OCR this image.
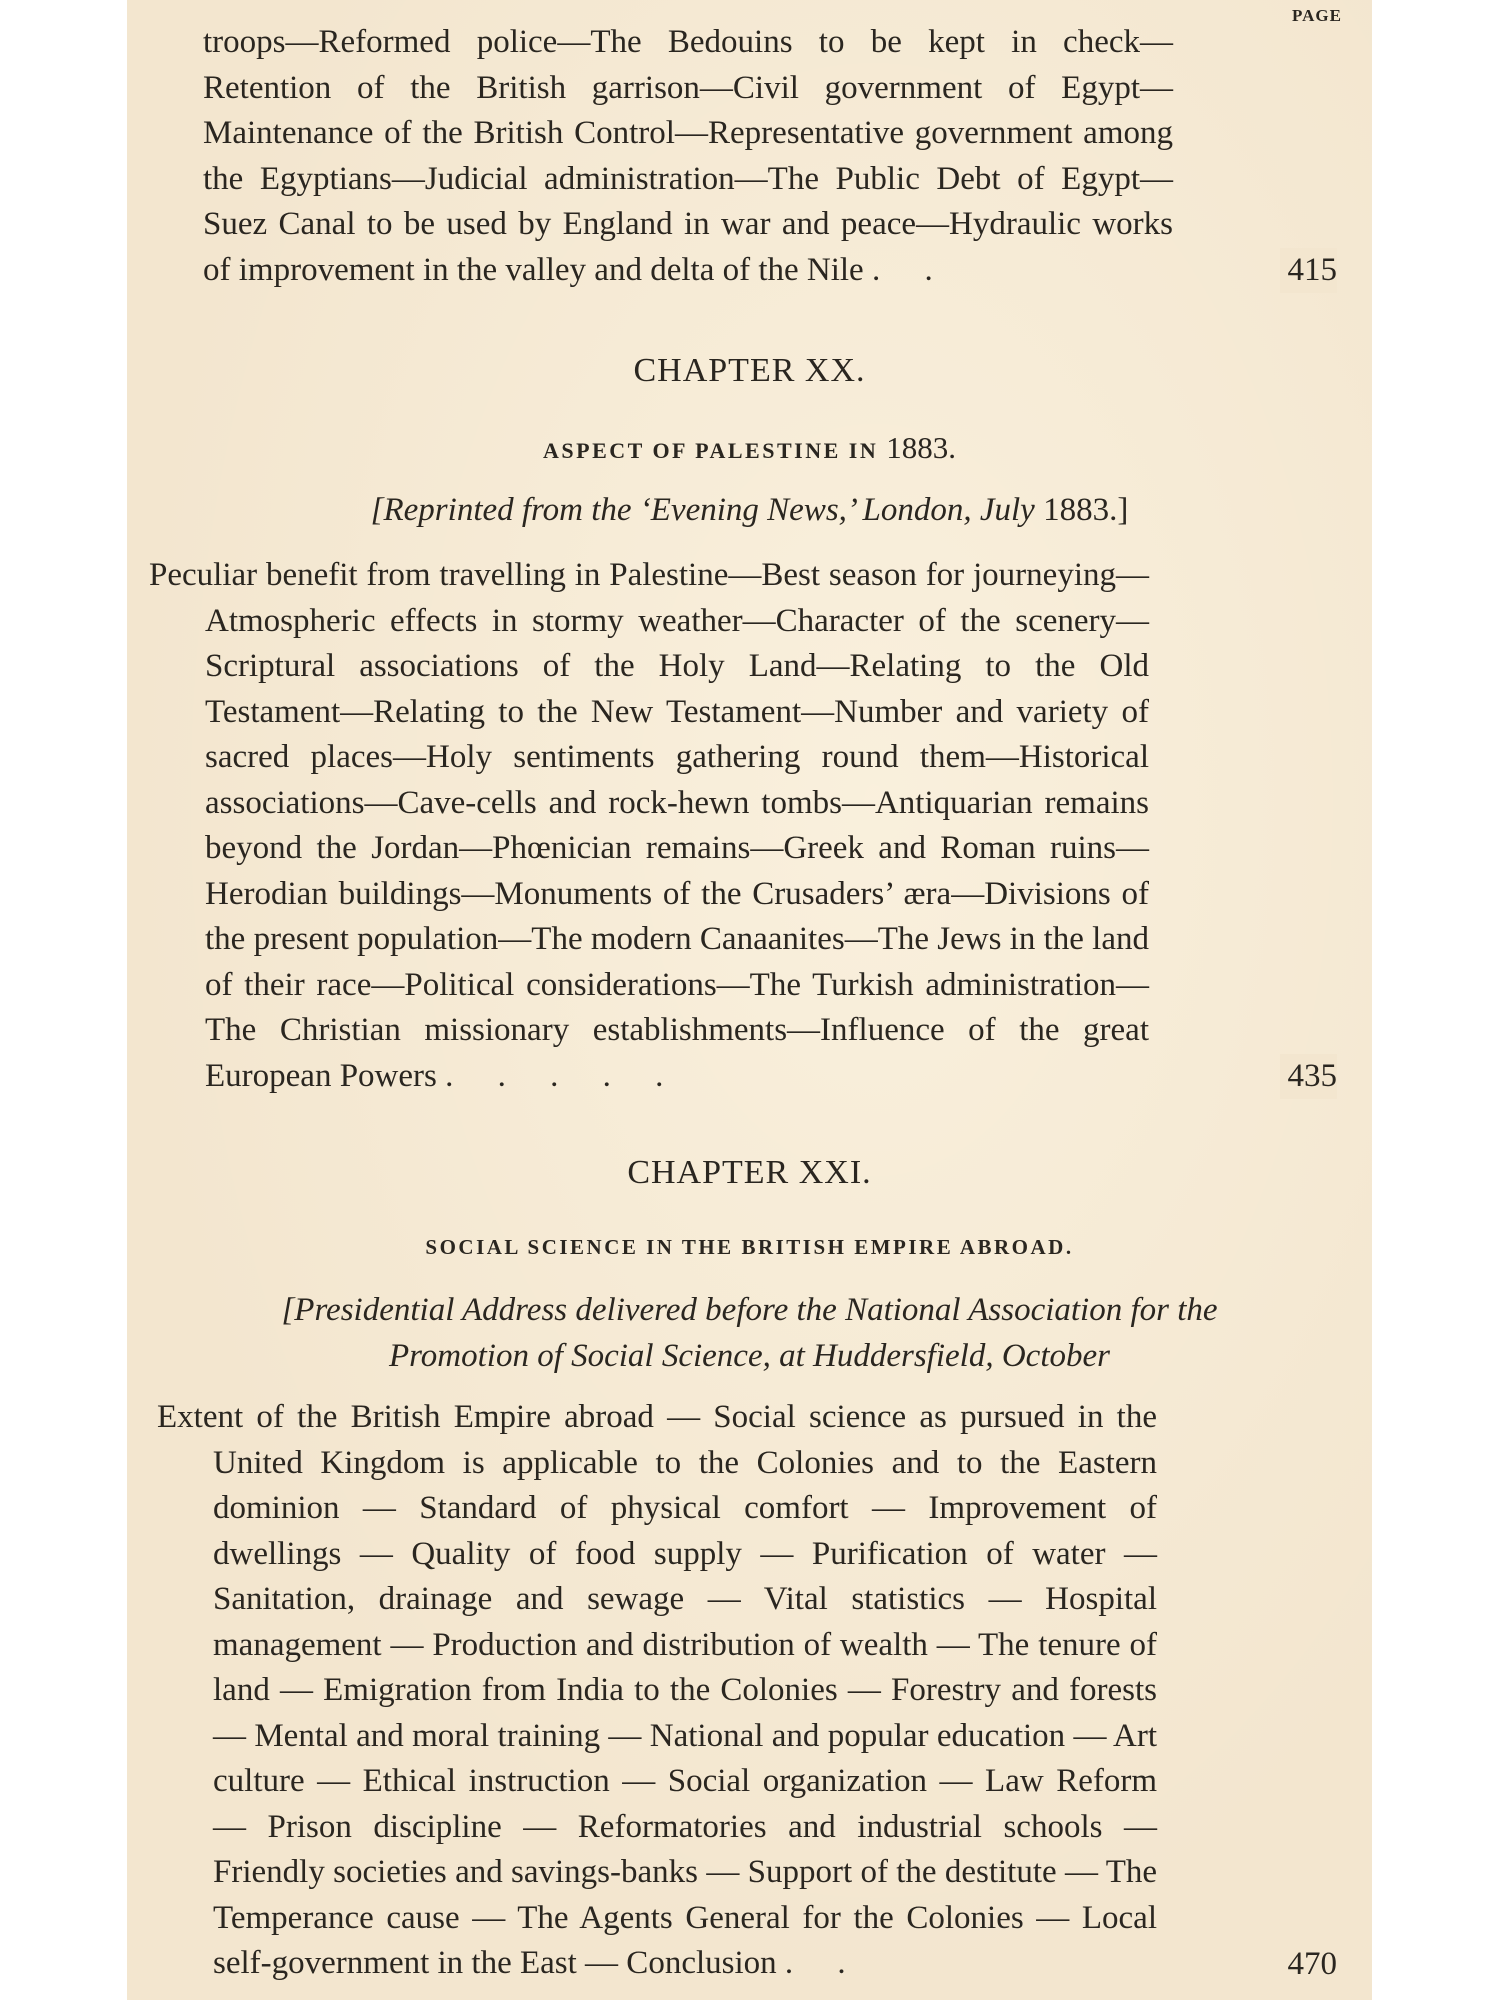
PAGE
troops—Reformed police—The Bedouins to be kept in check—Retention of the British garrison—Civil government of Egypt—Maintenance of the British Control—Representative government among the Egyptians—Judicial administration—The Public Debt of Egypt—Suez Canal to be used by England in war and peace—Hydraulic works of improvement in the valley and delta of the Nile . .	415
CHAPTER XX.
ASPECT OF PALESTINE IN 1883.
[Reprinted from the ‘Evening News,’ London, July 1883.]
Peculiar benefit from travelling in Palestine—Best season for journeying—Atmospheric effects in stormy weather—Character of the scenery—Scriptural associations of the Holy Land—Relating to the Old Testament—Relating to the New Testament—Number and variety of sacred places—Holy sentiments gathering round them—Historical associations—Cave-cells and rock-hewn tombs—Antiquarian remains beyond the Jordan—Phœnician remains—Greek and Roman ruins—Herodian buildings—Monuments of the Crusaders’ æra—Divisions of the present population—The modern Canaanites—The Jews in the land of their race—Political considerations—The Turkish administration—The Christian missionary establishments—Influence of the great European Powers . . . . .	435
CHAPTER XXI.
SOCIAL SCIENCE IN THE BRITISH EMPIRE ABROAD.
[Presidential Address delivered before the National Association for the
Promotion of Social Science, at Huddersfield, October
Extent of the British Empire abroad — Social science as pursued in the United Kingdom is applicable to the Colonies and to the Eastern dominion — Standard of physical comfort — Improvement of dwellings — Quality of food supply — Purification of water — Sanitation, drainage and sewage — Vital statistics — Hospital management — Production and distribution of wealth — The tenure of land — Emigration from India to the Colonies — Forestry and forests — Mental and moral training — National and popular education — Art culture — Ethical instruction — Social organization — Law Reform — Prison discipline — Reformatories and industrial schools — Friendly societies and savings-banks — Support of the destitute — The Temperance cause — The Agents General for the Colonies — Local self-government in the East — Conclusion . .	470
